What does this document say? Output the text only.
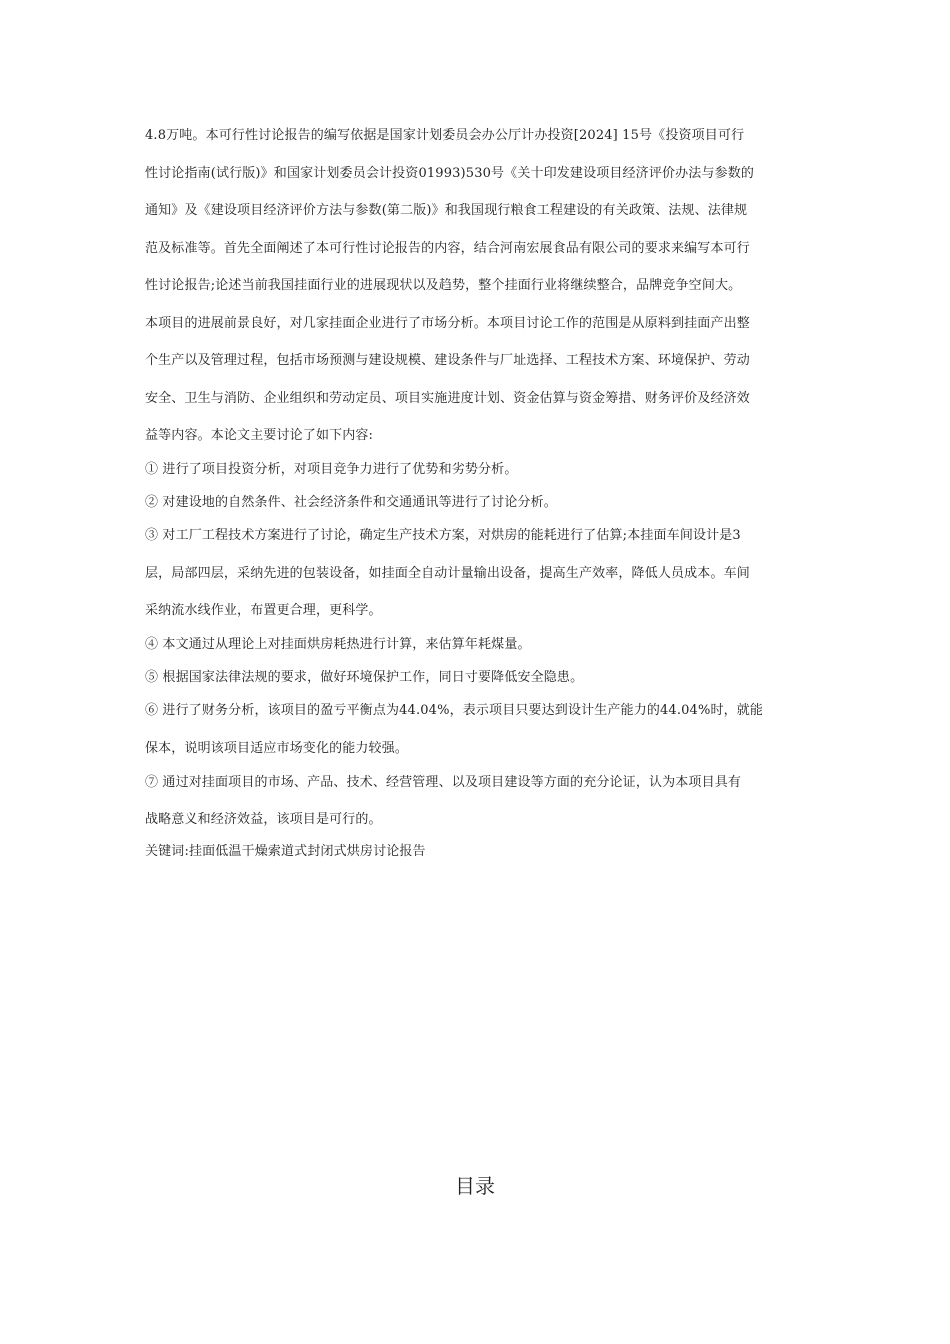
4.8万吨。本可行性讨论报告的编写依据是国家计划委员会办公厅计办投资[2024] 15号《投资项目可行
性讨论指南(试行版)》和国家计划委员会计投资01993)530号《关十印发建设项目经济评价办法与参数的
通知》及《建设项目经济评价方法与参数(第二版)》和我国现行粮食工程建设的有关政策、法规、法律规
范及标准等。首先全面阐述了本可行性讨论报告的内容，结合河南宏展食品有限公司的要求来编写本可行
性讨论报告;论述当前我国挂面行业的进展现状以及趋势，整个挂面行业将继续整合，品牌竞争空间大。
本项目的进展前景良好，对几家挂面企业进行了市场分析。本项目讨论工作的范围是从原料到挂面产出整
个生产以及管理过程，包括市场预测与建设规模、建设条件与厂址选择、工程技术方案、环境保护、劳动
安全、卫生与消防、企业组织和劳动定员、项目实施进度计划、资金估算与资金筹措、财务评价及经济效
益等内容。本论文主要讨论了如下内容:
① 进行了项目投资分析，对项目竞争力进行了优势和劣势分析。
② 对建设地的自然条件、社会经济条件和交通通讯等进行了讨论分析。
③ 对工厂工程技术方案进行了讨论，确定生产技术方案，对烘房的能耗进行了估算;本挂面车间设计是3
层，局部四层，采纳先进的包装设备，如挂面全自动计量输出设备，提高生产效率，降低人员成本。车间
采纳流水线作业，布置更合理，更科学。
④ 本文通过从理论上对挂面烘房耗热进行计算，来估算年耗煤量。
⑤ 根据国家法律法规的要求，做好环境保护工作，同日寸要降低安全隐患。
⑥ 进行了财务分析，该项目的盈亏平衡点为44.04%，表示项目只要达到设计生产能力的44.04%时，就能
保本，说明该项目适应市场变化的能力较强。
⑦ 通过对挂面项目的市场、产品、技术、经营管理、以及项目建设等方面的充分论证，认为本项目具有
战略意义和经济效益，该项目是可行的。
关键词:挂面低温干燥索道式封闭式烘房讨论报告
目录
